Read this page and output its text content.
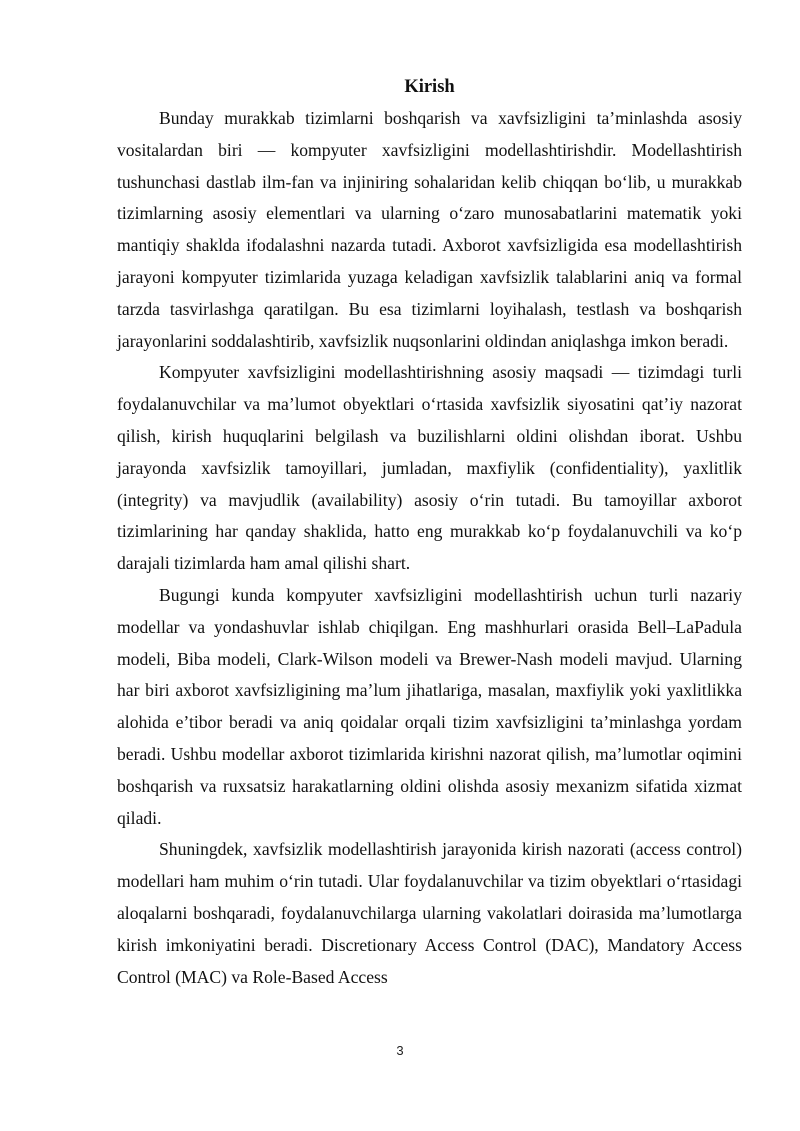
Kirish

Bunday murakkab tizimlarni boshqarish va xavfsizligini ta’minlashda asosiy vositalardan biri — kompyuter xavfsizligini modellashtirishdir. Modellashtirish tushunchasi dastlab ilm-fan va injiniring sohalaridan kelib chiqqan bo‘lib, u murakkab tizimlarning asosiy elementlari va ularning o‘zaro munosabatlarini matematik yoki mantiqiy shaklda ifodalashni nazarda tutadi. Axborot xavfsizligida esa modellashtirish jarayoni kompyuter tizimlarida yuzaga keladigan xavfsizlik talablarini aniq va formal tarzda tasvirlashga qaratilgan. Bu esa tizimlarni loyihalash, testlash va boshqarish jarayonlarini soddalashtirib, xavfsizlik nuqsonlarini oldindan aniqlashga imkon beradi.

Kompyuter xavfsizligini modellashtirishning asosiy maqsadi — tizimdagi turli foydalanuvchilar va ma’lumot obyektlari o‘rtasida xavfsizlik siyosatini qat’iy nazorat qilish, kirish huquqlarini belgilash va buzilishlarni oldini olishdan iborat. Ushbu jarayonda xavfsizlik tamoyillari, jumladan, maxfiylik (confidentiality), yaxlitlik (integrity) va mavjudlik (availability) asosiy o‘rin tutadi. Bu tamoyillar axborot tizimlarining har qanday shaklida, hatto eng murakkab ko‘p foydalanuvchili va ko‘p darajali tizimlarda ham amal qilishi shart.

Bugungi kunda kompyuter xavfsizligini modellashtirish uchun turli nazariy modellar va yondashuvlar ishlab chiqilgan. Eng mashhurlari orasida Bell–LaPadula modeli, Biba modeli, Clark-Wilson modeli va Brewer-Nash modeli mavjud. Ularning har biri axborot xavfsizligining ma’lum jihatlariga, masalan, maxfiylik yoki yaxlitlikka alohida e’tibor beradi va aniq qoidalar orqali tizim xavfsizligini ta’minlashga yordam beradi. Ushbu modellar axborot tizimlarida kirishni nazorat qilish, ma’lumotlar oqimini boshqarish va ruxsatsiz harakatlarning oldini olishda asosiy mexanizm sifatida xizmat qiladi.

Shuningdek, xavfsizlik modellashtirish jarayonida kirish nazorati (access control) modellari ham muhim o‘rin tutadi. Ular foydalanuvchilar va tizim obyektlari o‘rtasidagi aloqalarni boshqaradi, foydalanuvchilarga ularning vakolatlari doirasida ma’lumotlarga kirish imkoniyatini beradi. Discretionary Access Control (DAC), Mandatory Access Control (MAC) va Role-Based Access

3
